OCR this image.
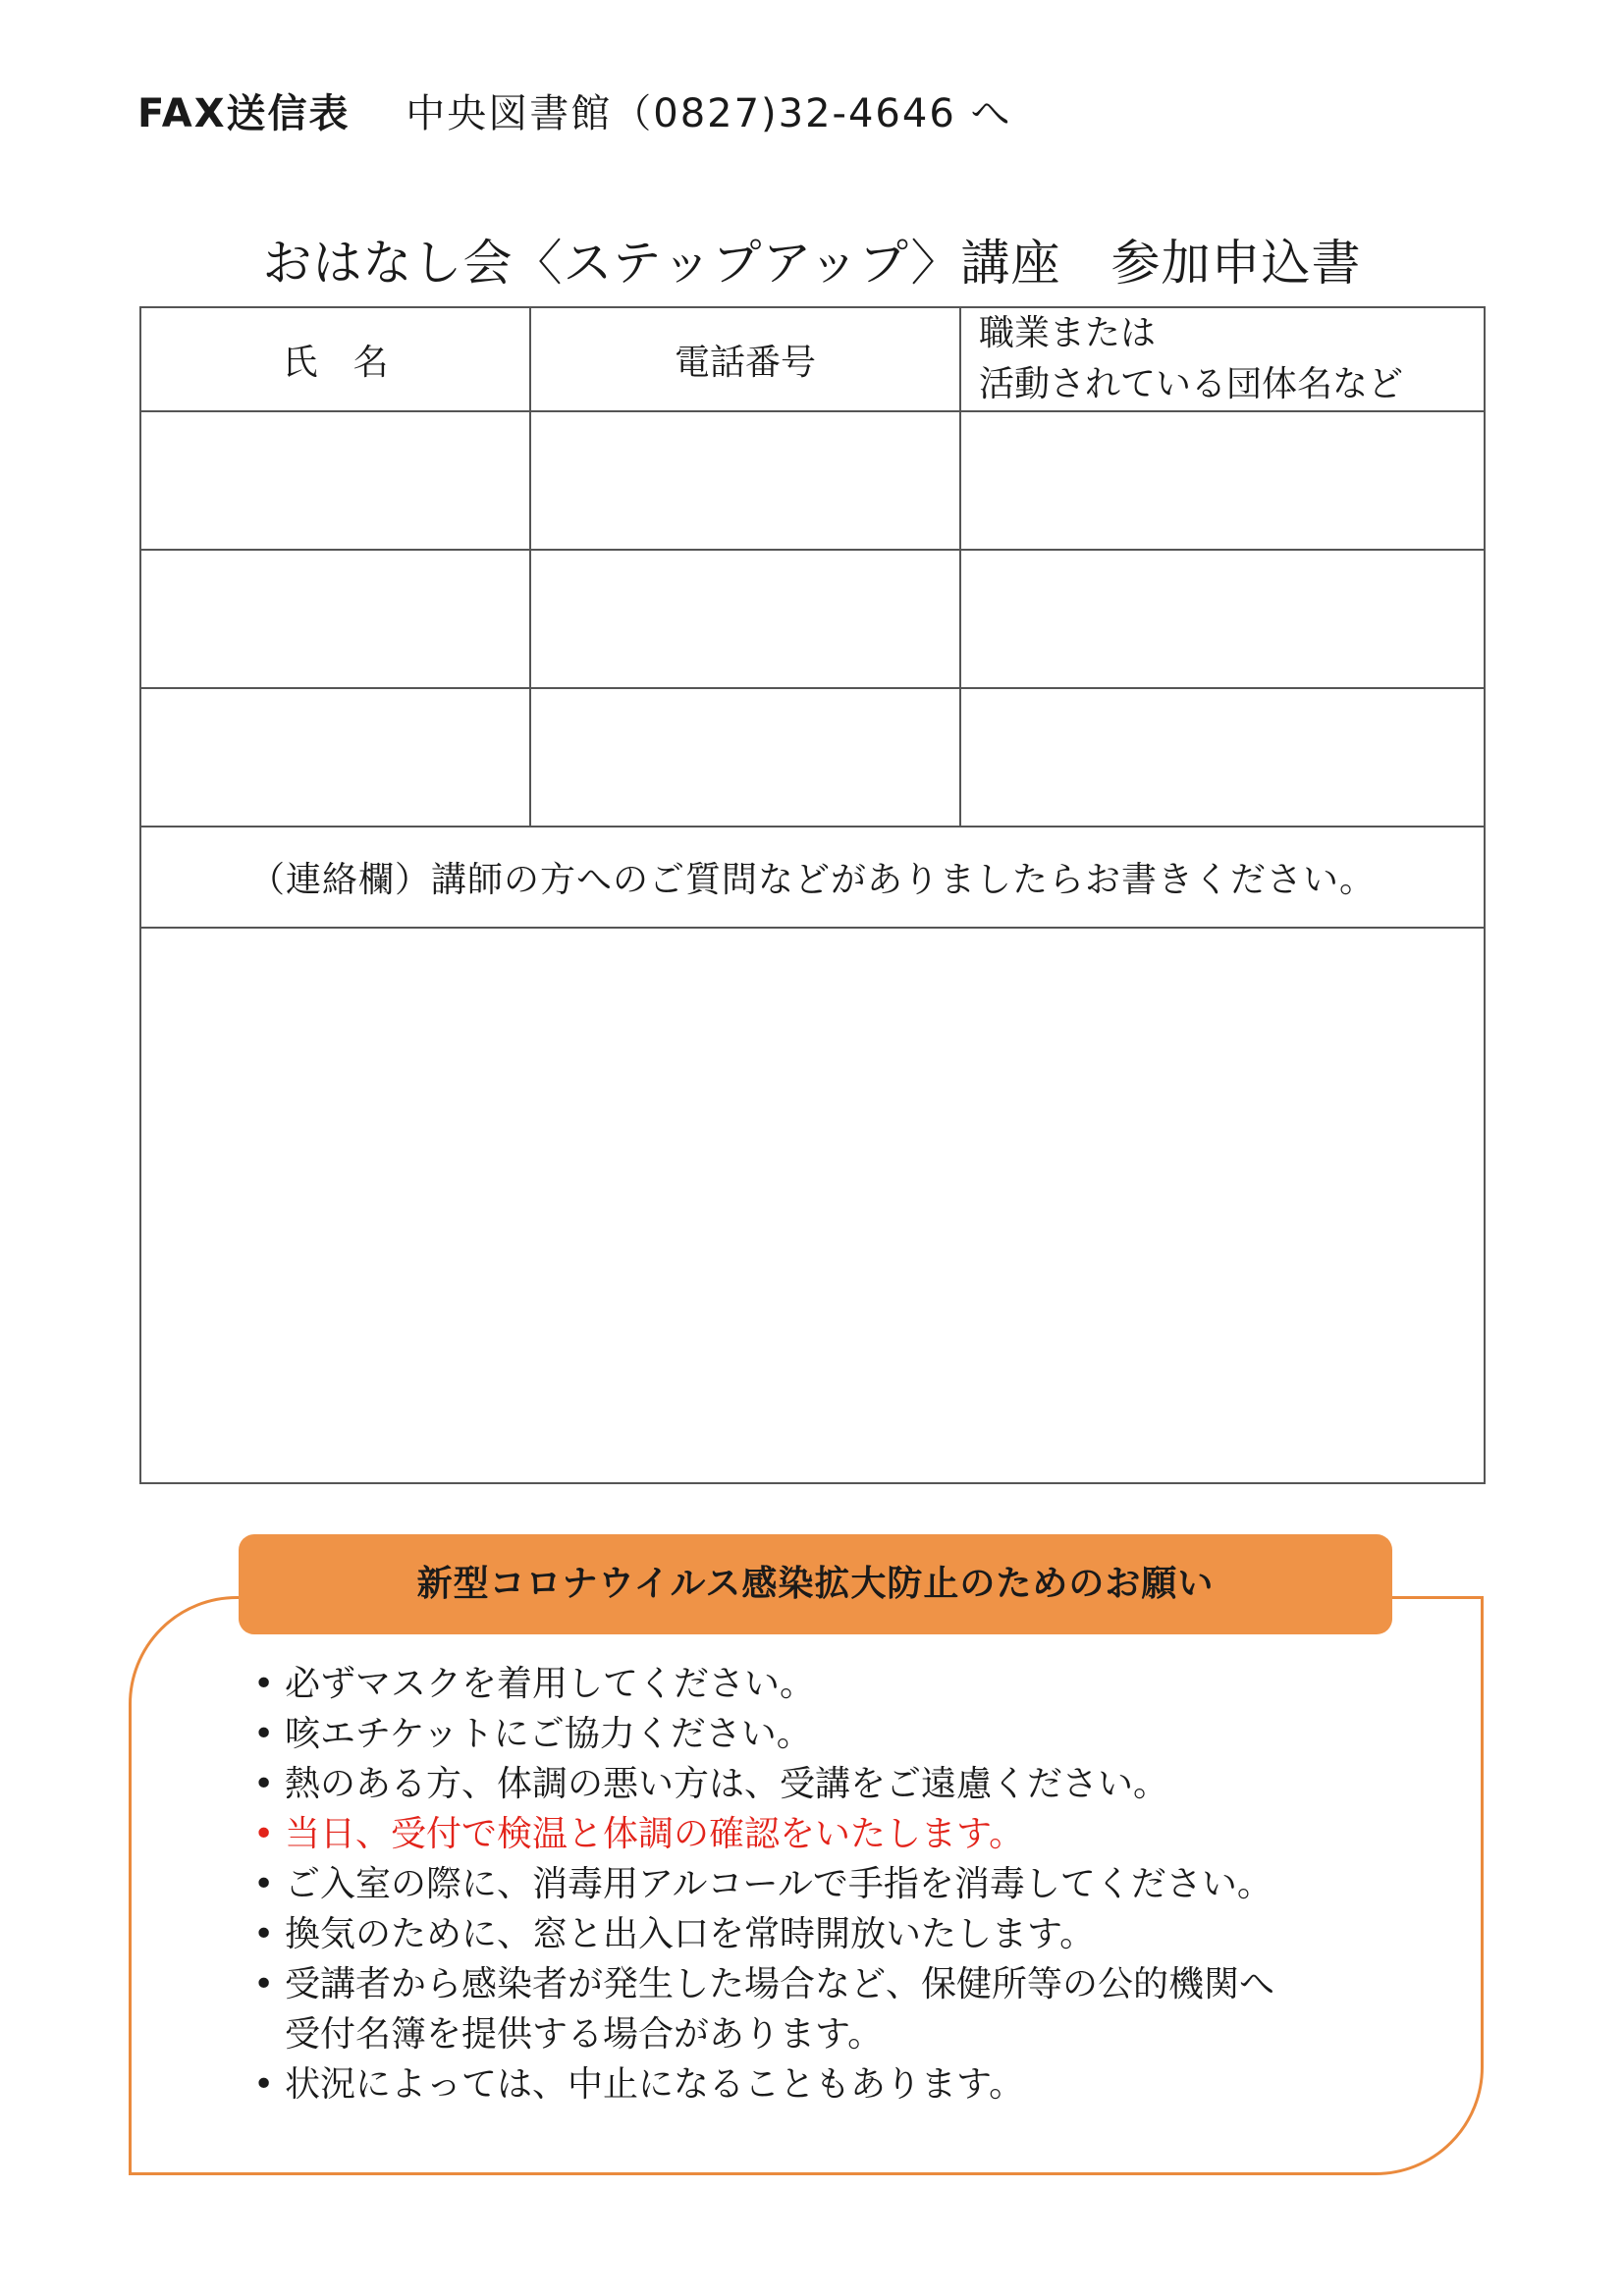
FAX送信表 中央図書館（0827)32-4646 へ
おはなし会〈ステップアップ〉講座　参加申込書
氏　名	電話番号	職業または
活動されている団体名など

（連絡欄）講師の方へのご質問などがありましたらお書きください。		

新型コロナウイルス感染拡大防止のためのお願い
• 必ずマスクを着用してください。
• 咳エチケットにご協力ください。
• 熱のある方、体調の悪い方は、受講をご遠慮ください。
• 当日、受付で検温と体調の確認をいたします。
• ご入室の際に、消毒用アルコールで手指を消毒してください。
• 換気のために、窓と出入口を常時開放いたします。
• 受講者から感染者が発生した場合など、保健所等の公的機関へ
受付名簿を提供する場合があります。
• 状況によっては、中止になることもあります。
